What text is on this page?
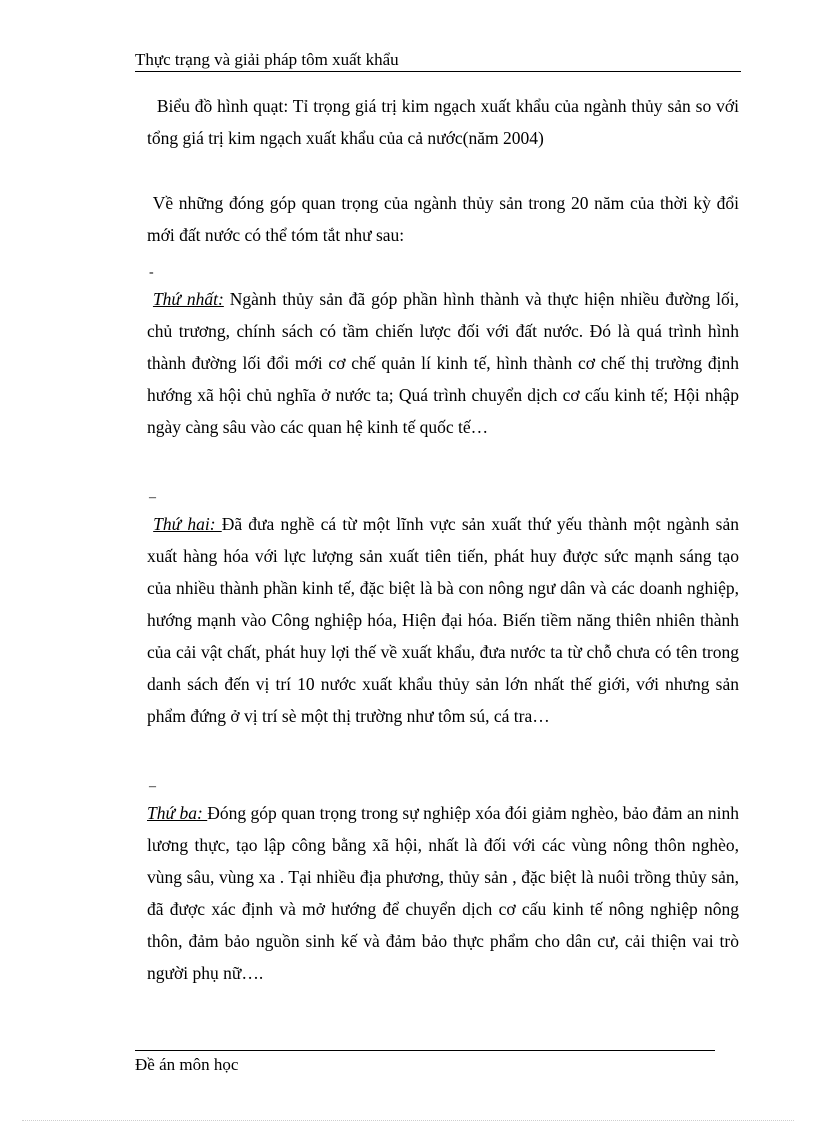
Thực trạng và giải pháp tôm xuất khẩu
Biểu đồ hình quạt: Tỉ trọng giá trị kim ngạch xuất khẩu của ngành thủy sản so với tổng giá trị kim ngạch xuất khẩu của cả nước(năm 2004)
Về những đóng góp quan trọng của ngành thủy sản trong 20 năm của thời kỳ đổi mới đất nước có thể tóm tắt như sau:
-
Thứ nhất: Ngành thủy sản đã góp phần hình thành và thực hiện nhiều đường lối, chủ trương, chính sách có tầm chiến lược đối với đất nước. Đó là quá trình hình thành đường lối đổi mới cơ chế quản lí kinh tế, hình thành cơ chế thị trường định hướng xã hội chủ nghĩa ở nước ta; Quá trình chuyển dịch cơ cấu kinh tế; Hội nhập ngày càng sâu vào các quan hệ kinh tế quốc tế…
–
Thứ hai: Đã đưa nghề cá từ một lĩnh vực sản xuất thứ yếu thành một ngành sản xuất hàng hóa với lực lượng sản xuất tiên tiến, phát huy được sức mạnh sáng tạo của nhiều thành phần kinh tế, đặc biệt là bà con nông ngư dân và các doanh nghiệp, hướng mạnh vào Công nghiệp hóa, Hiện đại hóa. Biến tiềm năng thiên nhiên thành của cải vật chất, phát huy lợi thế về xuất khẩu, đưa nước ta từ chỗ chưa có tên trong danh sách đến vị trí 10 nước xuất khẩu thủy sản lớn nhất thế giới, với nhưng sản phẩm đứng ở vị trí sè một thị trường như tôm sú, cá tra…
–
Thứ ba: Đóng góp quan trọng trong sự nghiệp xóa đói giảm nghèo, bảo đảm an ninh lương thực, tạo lập công bằng xã hội, nhất là đối với các vùng nông thôn nghèo, vùng sâu, vùng xa . Tại nhiều địa phương, thủy sản , đặc biệt là nuôi trồng thủy sản, đã được xác định và mở hướng để chuyển dịch cơ cấu kinh tế nông nghiệp nông thôn, đảm bảo nguồn sinh kế và đảm bảo thực phẩm cho dân cư, cải thiện vai trò người phụ nữ….
Đề án môn học
